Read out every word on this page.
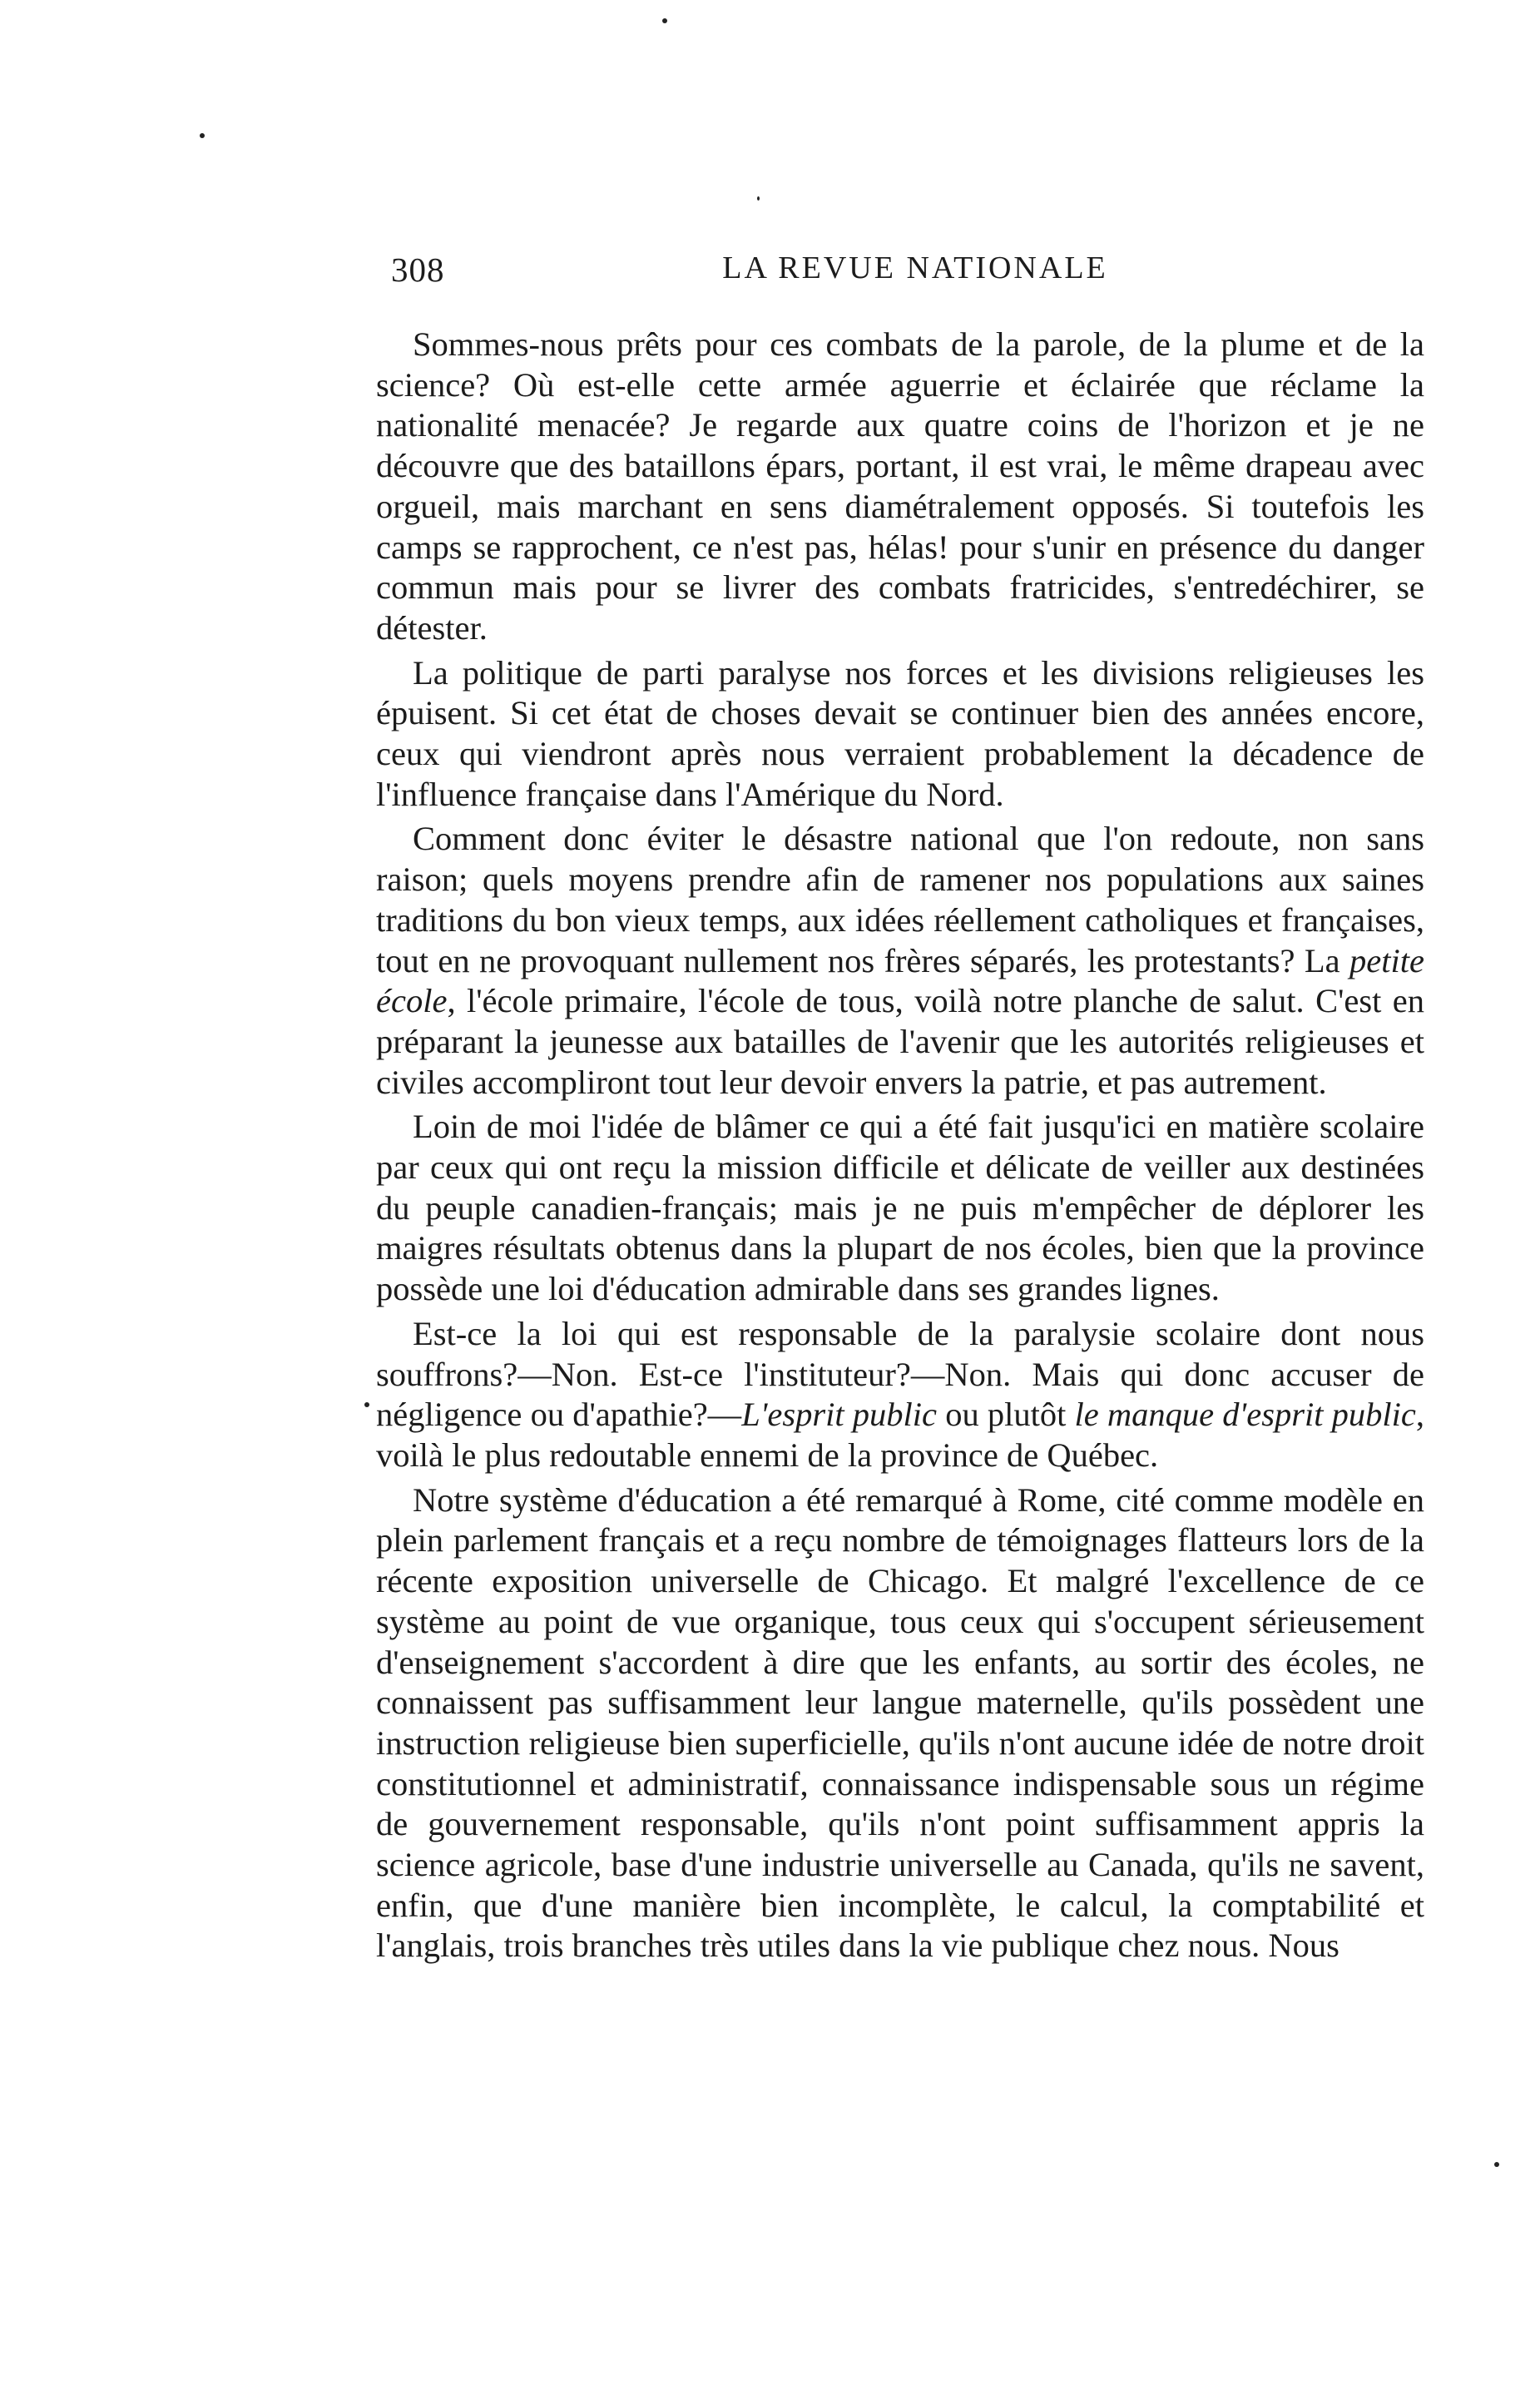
308	LA REVUE NATIONALE

Sommes-nous prêts pour ces combats de la parole, de la plume et de la science? Où est-elle cette armée aguerrie et éclairée que réclame la nationalité menacée? Je regarde aux quatre coins de l'horizon et je ne découvre que des bataillons épars, portant, il est vrai, le même drapeau avec orgueil, mais marchant en sens diamétralement opposés. Si toutefois les camps se rapprochent, ce n'est pas, hélas! pour s'unir en présence du danger commun mais pour se livrer des combats fratricides, s'entredéchirer, se détester.

La politique de parti paralyse nos forces et les divisions religieuses les épuisent. Si cet état de choses devait se continuer bien des années encore, ceux qui viendront après nous verraient probablement la décadence de l'influence française dans l'Amérique du Nord.

Comment donc éviter le désastre national que l'on redoute, non sans raison; quels moyens prendre afin de ramener nos populations aux saines traditions du bon vieux temps, aux idées réellement catholiques et françaises, tout en ne provoquant nullement nos frères séparés, les protestants? La petite école, l'école primaire, l'école de tous, voilà notre planche de salut. C'est en préparant la jeunesse aux batailles de l'avenir que les autorités religieuses et civiles accompliront tout leur devoir envers la patrie, et pas autrement.

Loin de moi l'idée de blâmer ce qui a été fait jusqu'ici en matière scolaire par ceux qui ont reçu la mission difficile et délicate de veiller aux destinées du peuple canadien-français; mais je ne puis m'empêcher de déplorer les maigres résultats obtenus dans la plupart de nos écoles, bien que la province possède une loi d'éducation admirable dans ses grandes lignes.

Est-ce la loi qui est responsable de la paralysie scolaire dont nous souffrons?—Non. Est-ce l'instituteur?—Non. Mais qui donc accuser de négligence ou d'apathie?—L'esprit public ou plutôt le manque d'esprit public, voilà le plus redoutable ennemi de la province de Québec.

Notre système d'éducation a été remarqué à Rome, cité comme modèle en plein parlement français et a reçu nombre de témoignages flatteurs lors de la récente exposition universelle de Chicago. Et malgré l'excellence de ce système au point de vue organique, tous ceux qui s'occupent sérieusement d'enseignement s'accordent à dire que les enfants, au sortir des écoles, ne connaissent pas suffisamment leur langue maternelle, qu'ils possèdent une instruction religieuse bien superficielle, qu'ils n'ont aucune idée de notre droit constitutionnel et administratif, connaissance indispensable sous un régime de gouvernement responsable, qu'ils n'ont point suffisamment appris la science agricole, base d'une industrie universelle au Canada, qu'ils ne savent, enfin, que d'une manière bien incomplète, le calcul, la comptabilité et l'anglais, trois branches très utiles dans la vie publique chez nous. Nous
